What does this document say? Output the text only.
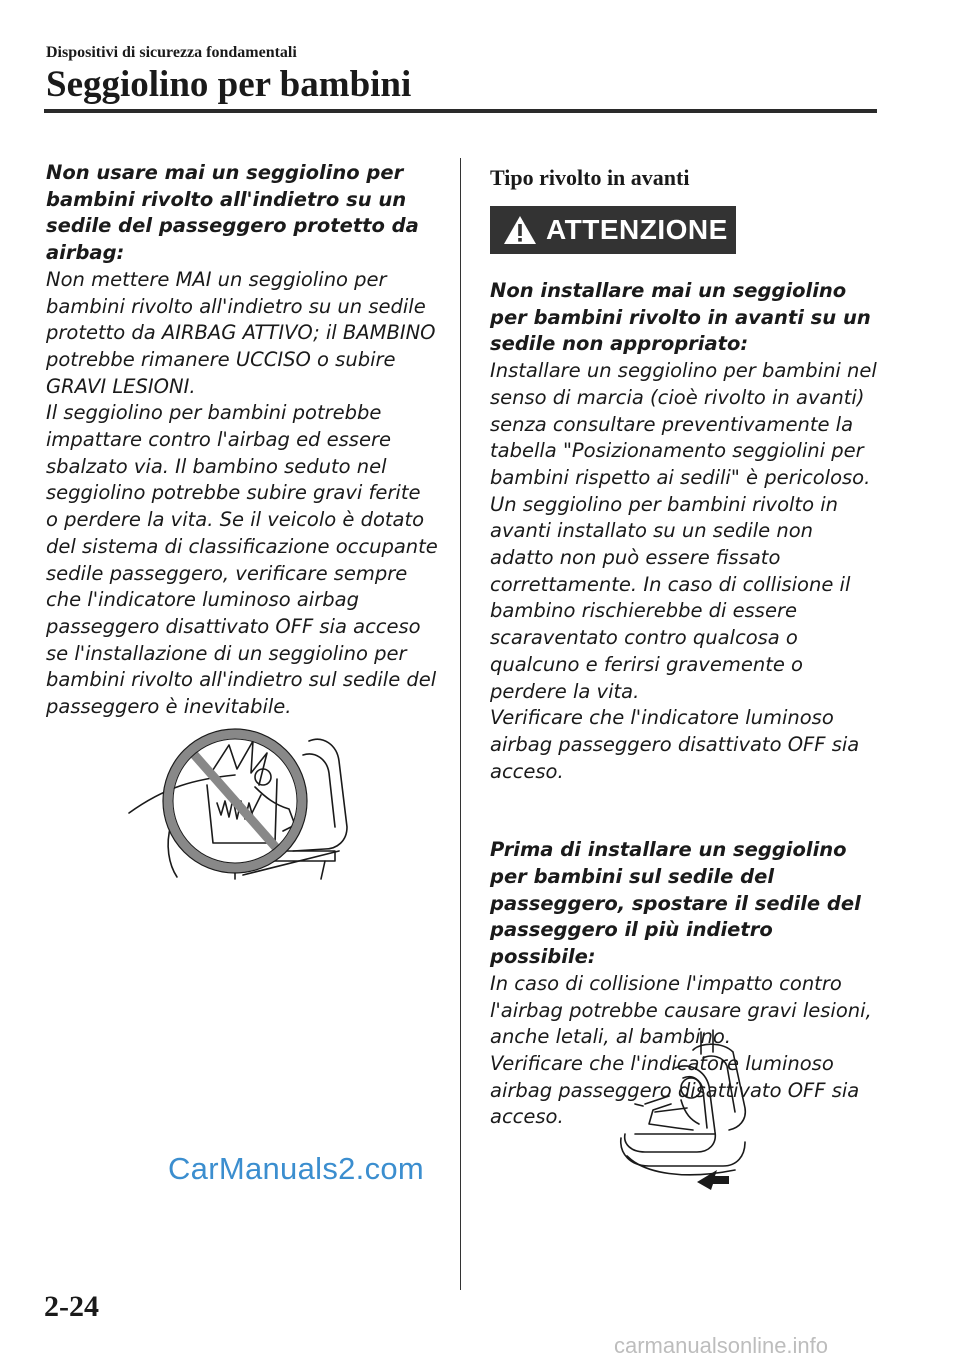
Dispositivi di sicurezza fondamentali
Seggiolino per bambini

Non usare mai un seggiolino per bambini rivolto all'indietro su un sedile del passeggero protetto da airbag:
Non mettere MAI un seggiolino per bambini rivolto all'indietro su un sedile protetto da AIRBAG ATTIVO; il BAMBINO potrebbe rimanere UCCISO o subire GRAVI LESIONI.
Il seggiolino per bambini potrebbe impattare contro l'airbag ed essere sbalzato via. Il bambino seduto nel seggiolino potrebbe subire gravi ferite o perdere la vita. Se il veicolo è dotato del sistema di classificazione occupante sedile passeggero, verificare sempre che l'indicatore luminoso airbag passeggero disattivato OFF sia acceso se l'installazione di un seggiolino per bambini rivolto all'indietro sul sedile del passeggero è inevitabile.

Tipo rivolto in avanti
ATTENZIONE

Non installare mai un seggiolino per bambini rivolto in avanti su un sedile non appropriato:
Installare un seggiolino per bambini nel senso di marcia (cioè rivolto in avanti) senza consultare preventivamente la tabella "Posizionamento seggiolini per bambini rispetto ai sedili" è pericoloso. Un seggiolino per bambini rivolto in avanti installato su un sedile non adatto non può essere fissato correttamente. In caso di collisione il bambino rischierebbe di essere scaraventato contro qualcosa o qualcuno e ferirsi gravemente o perdere la vita.
Verificare che l'indicatore luminoso airbag passeggero disattivato OFF sia acceso.

Prima di installare un seggiolino per bambini sul sedile del passeggero, spostare il sedile del passeggero il più indietro possibile:
In caso di collisione l'impatto contro l'airbag potrebbe causare gravi lesioni, anche letali, al bambino.
Verificare che l'indicatore luminoso airbag passeggero disattivato OFF sia acceso.

2-24
CarManuals2.com
carmanualsonline.info
